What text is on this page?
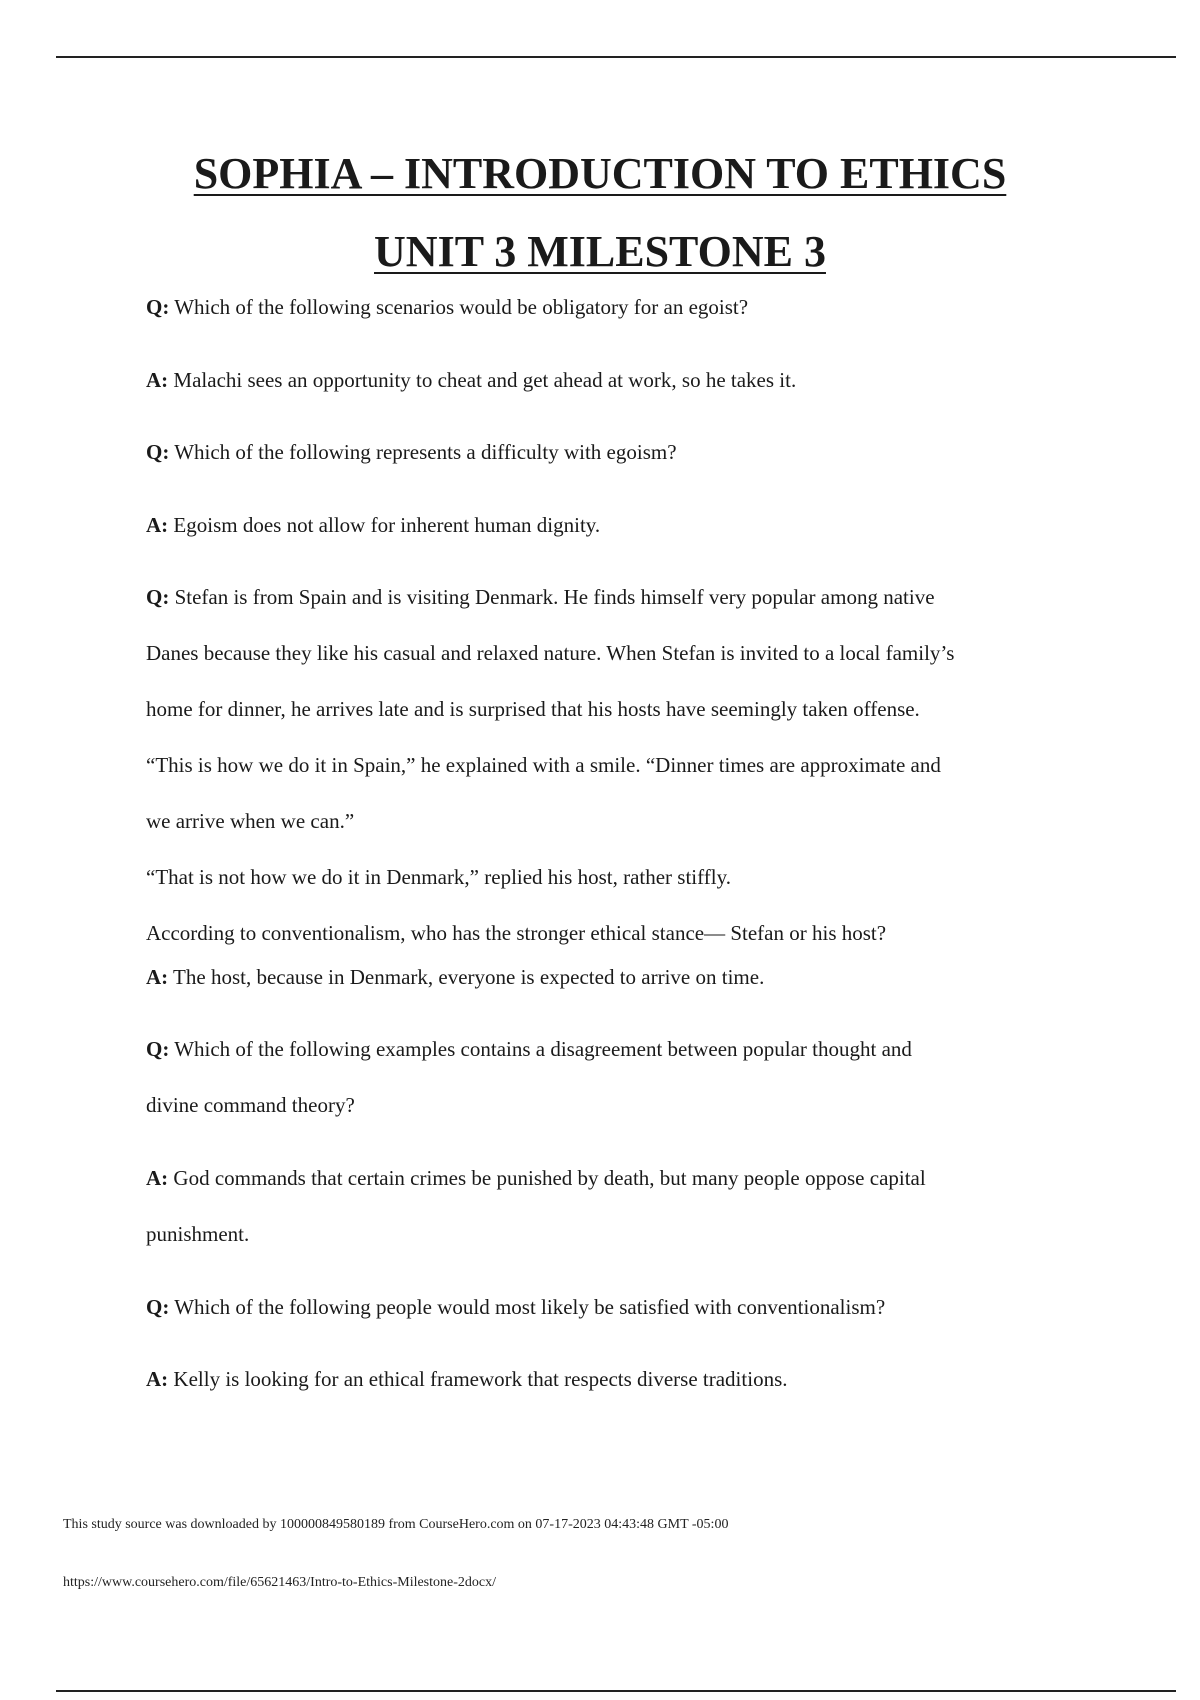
SOPHIA – INTRODUCTION TO ETHICS
UNIT 3 MILESTONE 3

Q: Which of the following scenarios would be obligatory for an egoist?

A: Malachi sees an opportunity to cheat and get ahead at work, so he takes it.

Q: Which of the following represents a difficulty with egoism?

A: Egoism does not allow for inherent human dignity.

Q: Stefan is from Spain and is visiting Denmark. He finds himself very popular among native
Danes because they like his casual and relaxed nature. When Stefan is invited to a local family’s
home for dinner, he arrives late and is surprised that his hosts have seemingly taken offense.
“This is how we do it in Spain,” he explained with a smile. “Dinner times are approximate and
we arrive when we can.”
“That is not how we do it in Denmark,” replied his host, rather stiffly.
According to conventionalism, who has the stronger ethical stance— Stefan or his host?

A: The host, because in Denmark, everyone is expected to arrive on time.

Q: Which of the following examples contains a disagreement between popular thought and
divine command theory?
A: God commands that certain crimes be punished by death, but many people oppose capital
punishment.

Q: Which of the following people would most likely be satisfied with conventionalism?

A: Kelly is looking for an ethical framework that respects diverse traditions.

This study source was downloaded by 100000849580189 from CourseHero.com on 07-17-2023 04:43:48 GMT -05:00
https://www.coursehero.com/file/65621463/Intro-to-Ethics-Milestone-2docx/
